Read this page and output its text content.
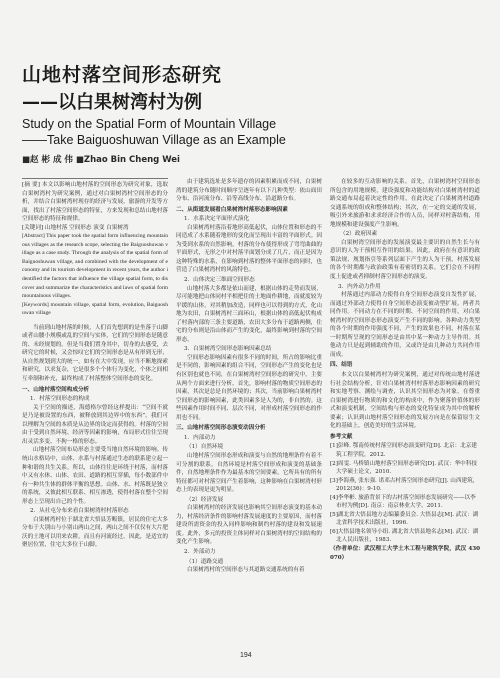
山地村落空间形态研究
——以白果树湾村为例
Study on the Spatial Form of Mountain Village
——Take Baiguoshuwan Village as an Example
■赵 彬 成 伟 ■Zhao Bin Cheng Wei

[摘 要] 本文以影响山地村落的空间形态为研究对象，选取白果树湾村为研究案例，通过对白果树湾村空间形态的分析，并结合白果树湾村现存的经济与发展，旅游的开发等方面，找出了村落空间形态的特征，方来发现和总结山地村落空间形态的特征和规律。

[关键词] 山地村落 空间形态 演变 白果树湾

[Abstract] This paper took the spatial form influencing mountainous villages as the research scope, selecting the Baiguoshuwan village as a case study. Through the analysis of the spatial form of Baiguoshuwan village, and combined with the development of economy and its tourism development in recent years, the author identified the factors that influence the village spatial form, to discover and summarize the characteristics and laws of spatial form mountainous villages.

[Keywords] mountain village, spatial form, evolution, Baiguoshuwan village

当前到山地村落的时候，人们首先想到的是坐落于山脚或者山腰小规模或乱的空间与实体，它们的空间形态是随意的、未经规划的。但是当我们置身其中，切身的去感受，去研究它的时候，又会惊叹它们的空间形态是从有形到无形，从自然规划到大的统一，如有在大中发现，应当不断地探索和研究，以求复杂，它是很多个个体行为变化，个体之间相互牵制和补充，最终构成了村落整体空间形态的变化。

一、山地村落空间构成分析
1．村落空间形态的构成

关于空间的描述，海德格尔曾经这样提出：“空间不就是乃是被设置的东西，被释放到其边界中的东西”。我们可以理解为空间的本质是从边界的设定而获得的。村落的空间由于受到自然环境、经济等因素的影响，布局形式往往呈现出灵活多变、不拘一格的形态。

山地村落空间布局形态主要受当地自然环境的影响。传统山水格局中，山体、水系与村落通过生态的联系建立起一种和谐的共生关系。所以，山体往往是环绕于村落，而村落中又有水体、山体、农田、道路的相互穿插，每小数部件中有一种共生体的群体平衡的思想。山体、水、村落既是独立的系统，又彼此相互联系、相互渗透，使得村落在整个空间形态上呈现出自己的个性。

2．从社屯分布来看白果树湾村村落形态

白果树湾村位于湖北省大悟县芳畈镇，居民的住宅大多分布于大别山与小别山两山之间，两山之间不仅仅有大片肥沃的土地可以用来农耕，而且有河流经过，因此，是适宜的聚居位置，住宅大多位于山脚。

由于建筑选址是多年遗存的因素积累而成不同，白果树湾的建筑分布随时间顺序呈逐年有以下几种类型：依山面田分布、沿河流分布、沿等高线分布、沿道路分布。

二、从街道发展看白果树湾村落形态影响因素
1．水系决定平面形式演化

白果树湾村落沿着地形高低起伏，山体位置和形态的不同造成了水系随着地形的变化而呈现出丰富的平面形式。因为受到水系的自然影响，村落的分布使得形成了弯弯曲曲的平面形式，无形之中对村落平面划分成了几片，而正是因为这种特殊的水系，在影响到村落的整体平面形态的同时，也营造了白果树湾村的风韵特色。

2．山体决定三维面空间形态

山地村落大多都是依山而建，根据山体的走势而发展，尽可能地把山体同村平相把住的土地面作耕地，而就度较为平缓的山体，对其稍加改造，同样也可以得到的方式，化山地为农田，白果树湾村三面环山，根据山体的高低起伏构成了村落内部的三条主要道路，农田大多分布于道路两侧，住宅的分布则是沿山体而产生的变化，最终影响到村落的空间形态。

3．白果树湾空间形态影响因素总结

空间形态影响因素有很多不同的时间，所占的影响比重是不同的，影响因素的组合不同，空间形态产生的变化也是有区别也就也不同，在白果树湾村空间形态的研究中，主要从两个方面来进行分析，首先，影响村落的物质空间形态的因素，其次是总是自然环境的；其次，当前影响白果树湾村空间形态的影响因素，此类因素多是人为的，非自然的。这些因素作用时间不同、层次不同，对形成村落空间形态的作用也不同。

三、山地村落空间形态演变动因分析
1．内部动力
（1）自然环境

山地村落空间形态形成和演变与自然的地理条件有着不可分割的联系，自然环境是村落空间形成和演变的基础条件，自然地理条件作为最基本的空间要素，它所具有的所有特征都可对村落空间产生着影响，这种影响在白果树湾村形态上的表现是更为明显。

（2）经济发展

白果树湾村的经济发展也影响其空间形态演变的基本动力，村落经济条件的影响村落发展速度的主要原因，而村落建设所需资金的投入同样影响和制约村落的建设和发展速度。此外，多元的投资主体同样对白果树湾村的空间结构的变化产生影响。

2．外部动力
（1）道路交通

白果树湾村的空间形态与其道路交通系统的有着

在较多的互动影响的关系。首先，白果树湾村空间形态所包含的用地规模，建设强度和功能结构对白果树湾村的道路交通布局起着决定性的作用，在此决定了白果树湾村道路交通系统的组成和整体结构；其次，在一定的交通的发展，吸引外来旅游和求求经济合作的人员，同样对村落结构，用地规模和建设强度产生影响。

（2）政府因素

白果树湾空间形态的发展演变最主要识的自然生长与有意识的人为干预相互作用的结果。因此，政府在有意识的政策法规、规划指引等系列层面下产生的人为干预，村落发展的各个时期都与政治政策有着密切的关系，它们会在不同程度上促进或者抑制村落空间形态的演变。

3．内外动力作用

村落通过内部动力使得自身空间形态演变自发性扩展，而通过外部动力使得自身空间形态演变被动型扩展，两者共同作用。不同动力在不同的时期、不同空间的作用，对白果树湾村的空间形态形态演变产生不同的影响。各种动力类型的各个时期的作用强度不同，产生的效果也不同，村落在某一时期所呈现的空间形态是由其中某一种动力主导作用。其他动力只是起到辅助的作用，又或许是由几种动力共同作用而成。

四、结语

本文以白果树湾村为研究案例，通过对传统山地村落进行社会结构分析，针对白果树湾村村落形态影响因素的研究和实地考察、测绘与调查，认识其空间形态为对象，在尊重白果树湾进行物质的和文化的构成中，作为聚落价值体的形式和演变机制，空间结构与形态的变化特征成为其中的解析要素；认识到山地村落空间形态的发展方向是在保留原生文化的基础上，创造美好的生活环境。

参考文献

[1]彭峰. 鄂南传统村落空间形态演变研究[D]. 北京：北京建筑工程学院，2012.

[2]周雯. 马桥镇山地村落空间形态研究[D]. 武汉：华中科技大学硕士论文，2010.

[3]李海燕, 张东强. 诺邓古村落空间形态研究[J]. 山西建筑，2012(36)：9-10.

[4]李华彬. 旅游背景下的古村落空间形态发展研究——以李市村为例[D]. 南京：南京林业大学，2011.

[5]湖北省大悟县地方志编纂委员会. 大悟县志[M]. 武汉：湖北省科学技术出版社，1996.

[6]大悟县地名领导小组. 湖北省大悟县地名志[M]. 武汉：湖北人民出版社，1983.

（作者单位：武汉理工大学土木工程与建筑学院，武汉 430070）

194
